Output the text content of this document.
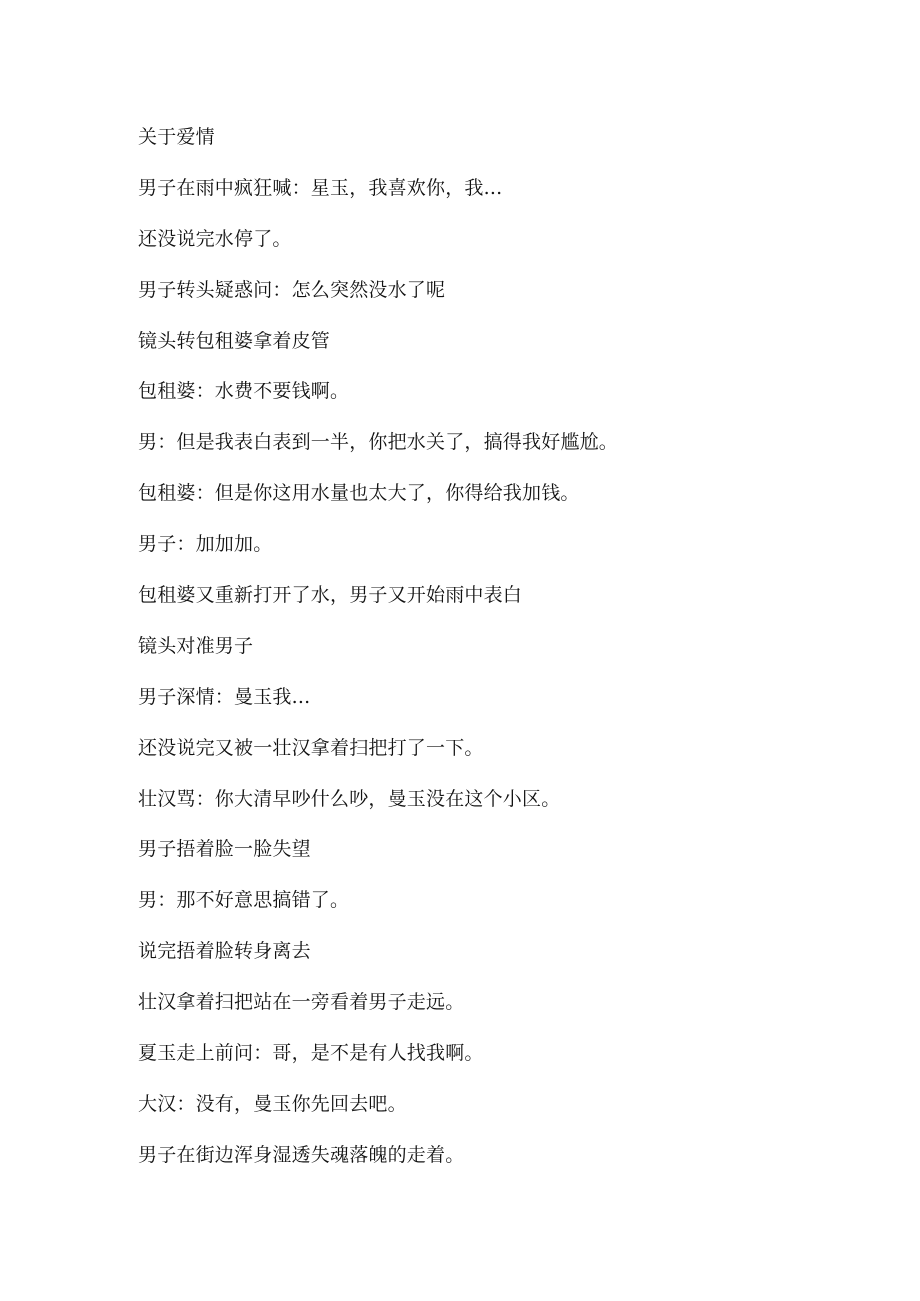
关于爱情
男子在雨中疯狂喊：星玉，我喜欢你，我...
还没说完水停了。
男子转头疑惑问：怎么突然没水了呢
镜头转包租婆拿着皮管
包租婆：水费不要钱啊。
男：但是我表白表到一半，你把水关了，搞得我好尴尬。
包租婆：但是你这用水量也太大了，你得给我加钱。
男子：加加加。
包租婆又重新打开了水，男子又开始雨中表白
镜头对准男子
男子深情：曼玉我...
还没说完又被一壮汉拿着扫把打了一下。
壮汉骂：你大清早吵什么吵，曼玉没在这个小区。
男子捂着脸一脸失望
男：那不好意思搞错了。
说完捂着脸转身离去
壮汉拿着扫把站在一旁看着男子走远。
夏玉走上前问：哥，是不是有人找我啊。
大汉：没有，曼玉你先回去吧。
男子在街边浑身湿透失魂落魄的走着。
